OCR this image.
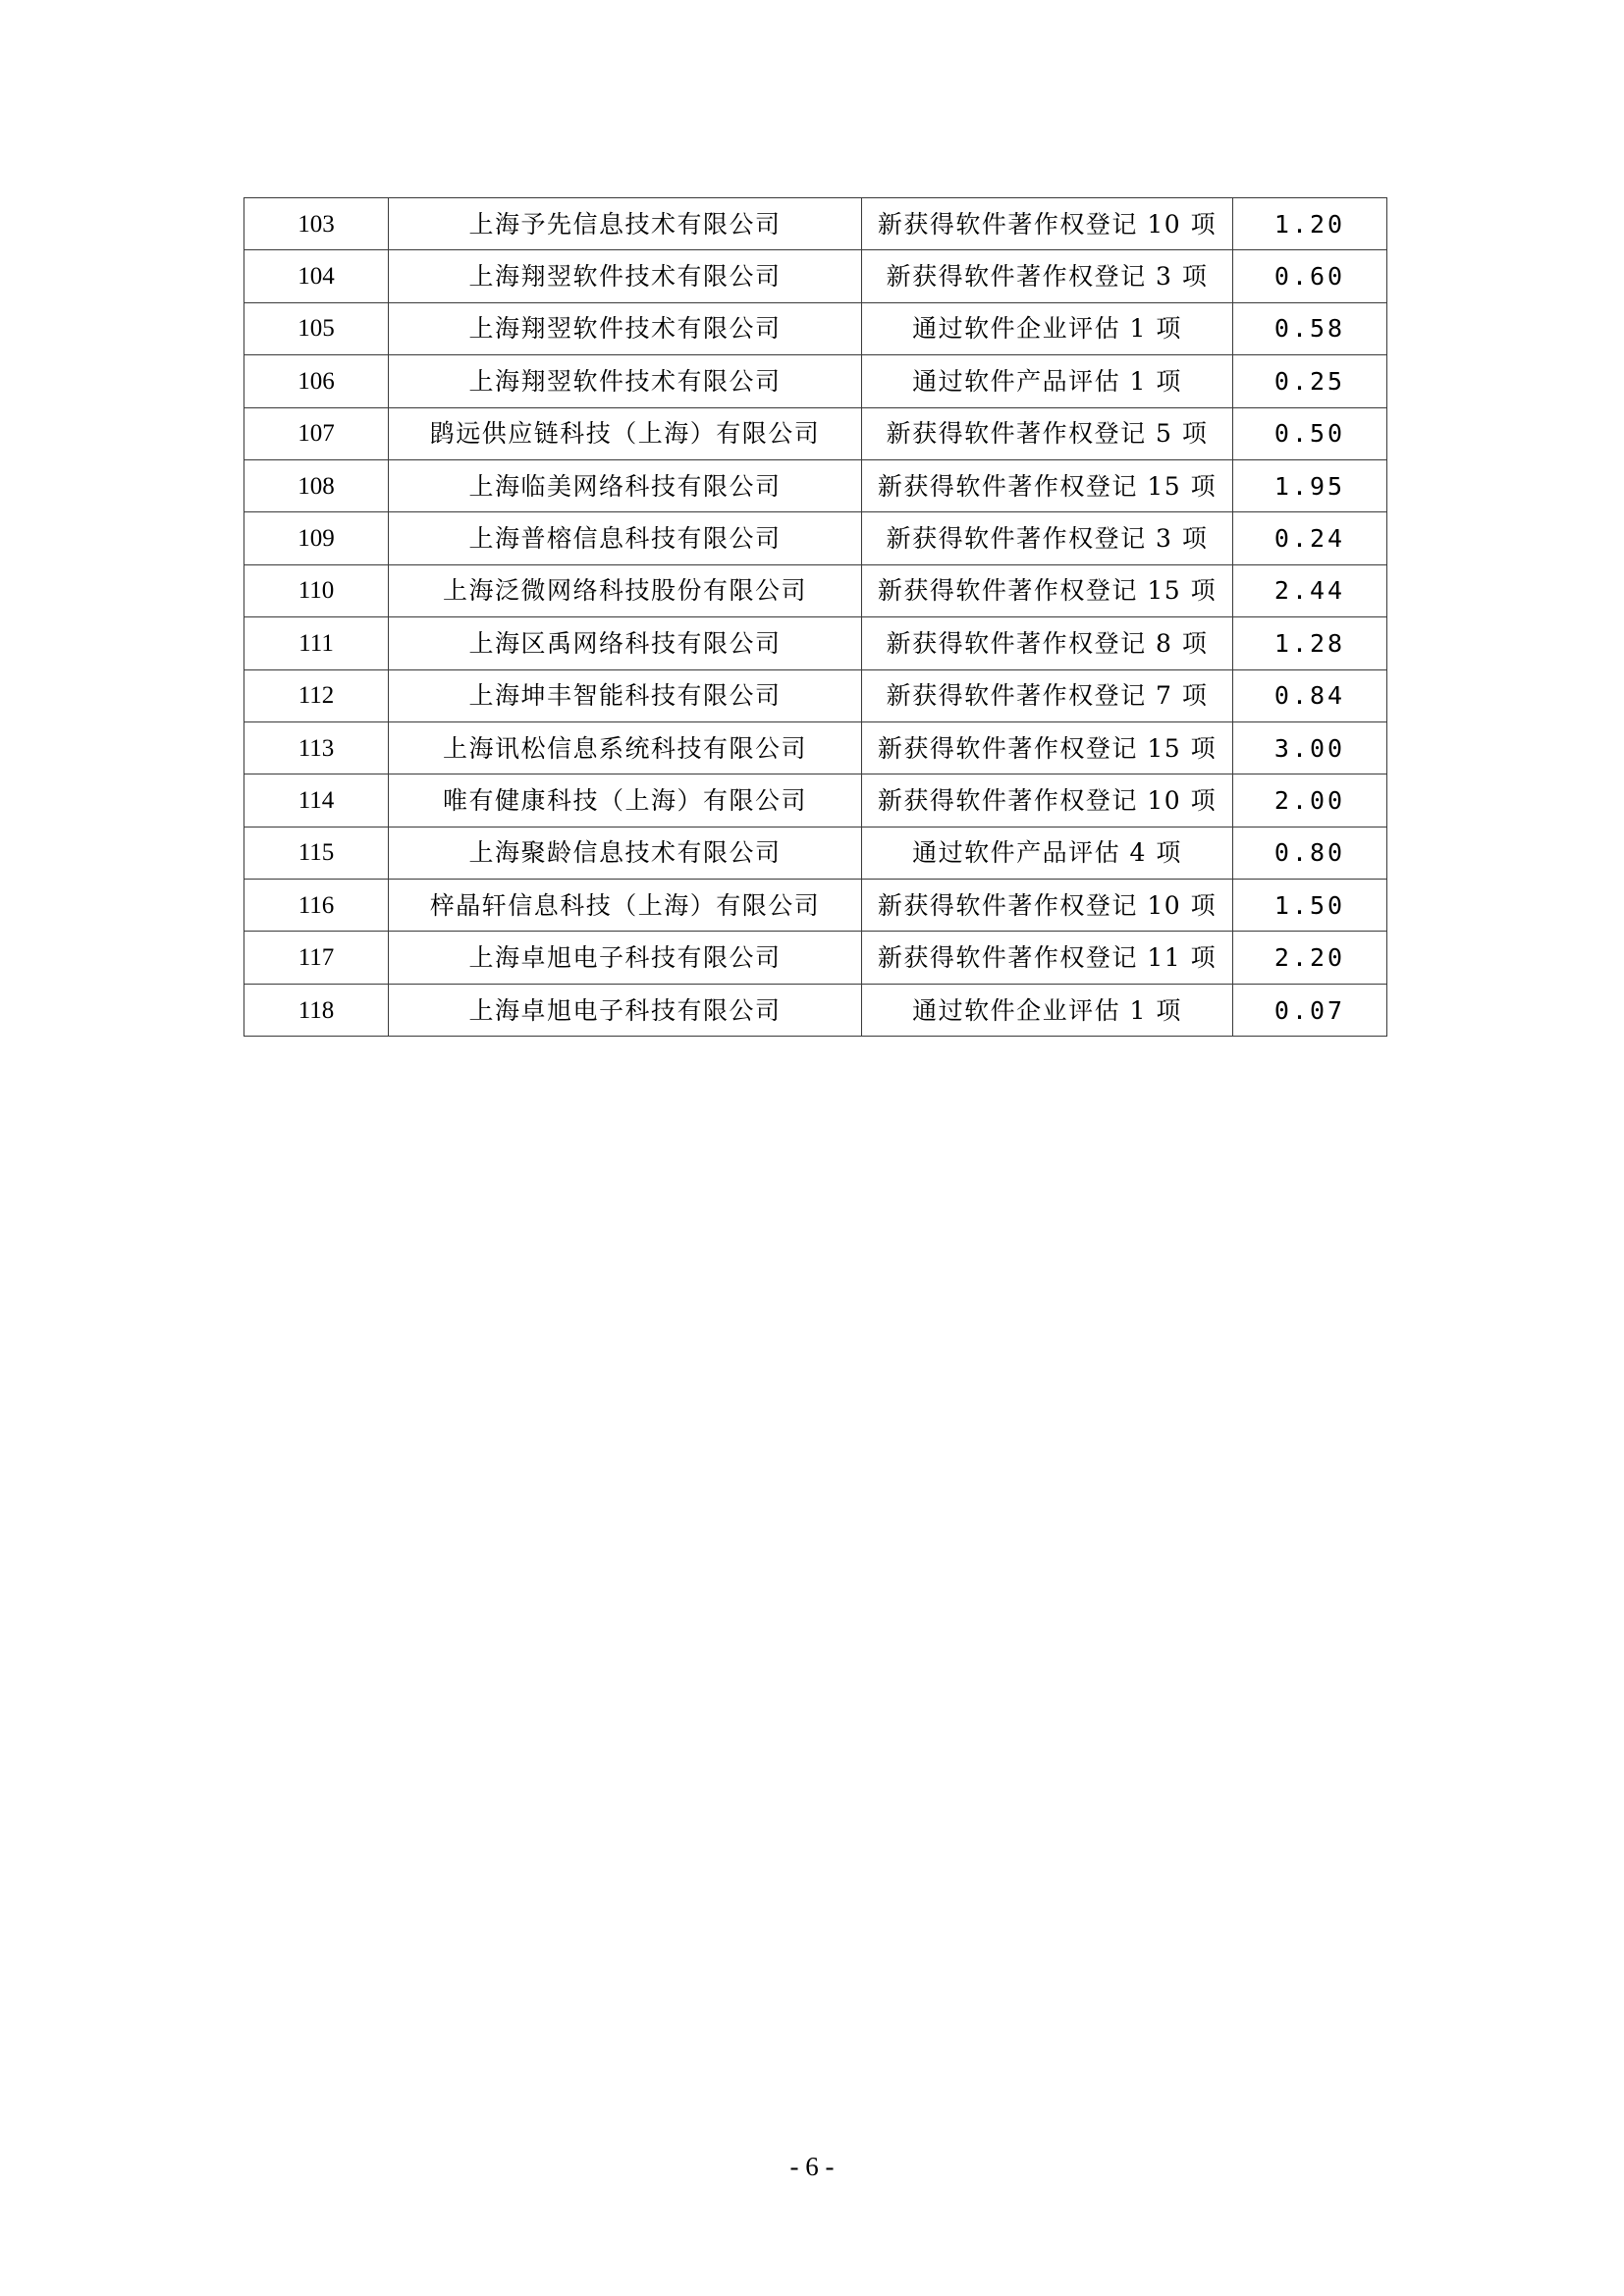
103	上海予先信息技术有限公司	新获得软件著作权登记 10 项	1.20
104	上海翔翌软件技术有限公司	新获得软件著作权登记 3 项	0.60
105	上海翔翌软件技术有限公司	通过软件企业评估 1 项	0.58
106	上海翔翌软件技术有限公司	通过软件产品评估 1 项	0.25
107	鹍远供应链科技（上海）有限公司	新获得软件著作权登记 5 项	0.50
108	上海临美网络科技有限公司	新获得软件著作权登记 15 项	1.95
109	上海普榕信息科技有限公司	新获得软件著作权登记 3 项	0.24
110	上海泛微网络科技股份有限公司	新获得软件著作权登记 15 项	2.44
111	上海区禹网络科技有限公司	新获得软件著作权登记 8 项	1.28
112	上海坤丰智能科技有限公司	新获得软件著作权登记 7 项	0.84
113	上海讯松信息系统科技有限公司	新获得软件著作权登记 15 项	3.00
114	唯有健康科技（上海）有限公司	新获得软件著作权登记 10 项	2.00
115	上海聚龄信息技术有限公司	通过软件产品评估 4 项	0.80
116	梓晶轩信息科技（上海）有限公司	新获得软件著作权登记 10 项	1.50
117	上海卓旭电子科技有限公司	新获得软件著作权登记 11 项	2.20
118	上海卓旭电子科技有限公司	通过软件企业评估 1 项	0.07
- 6 -
